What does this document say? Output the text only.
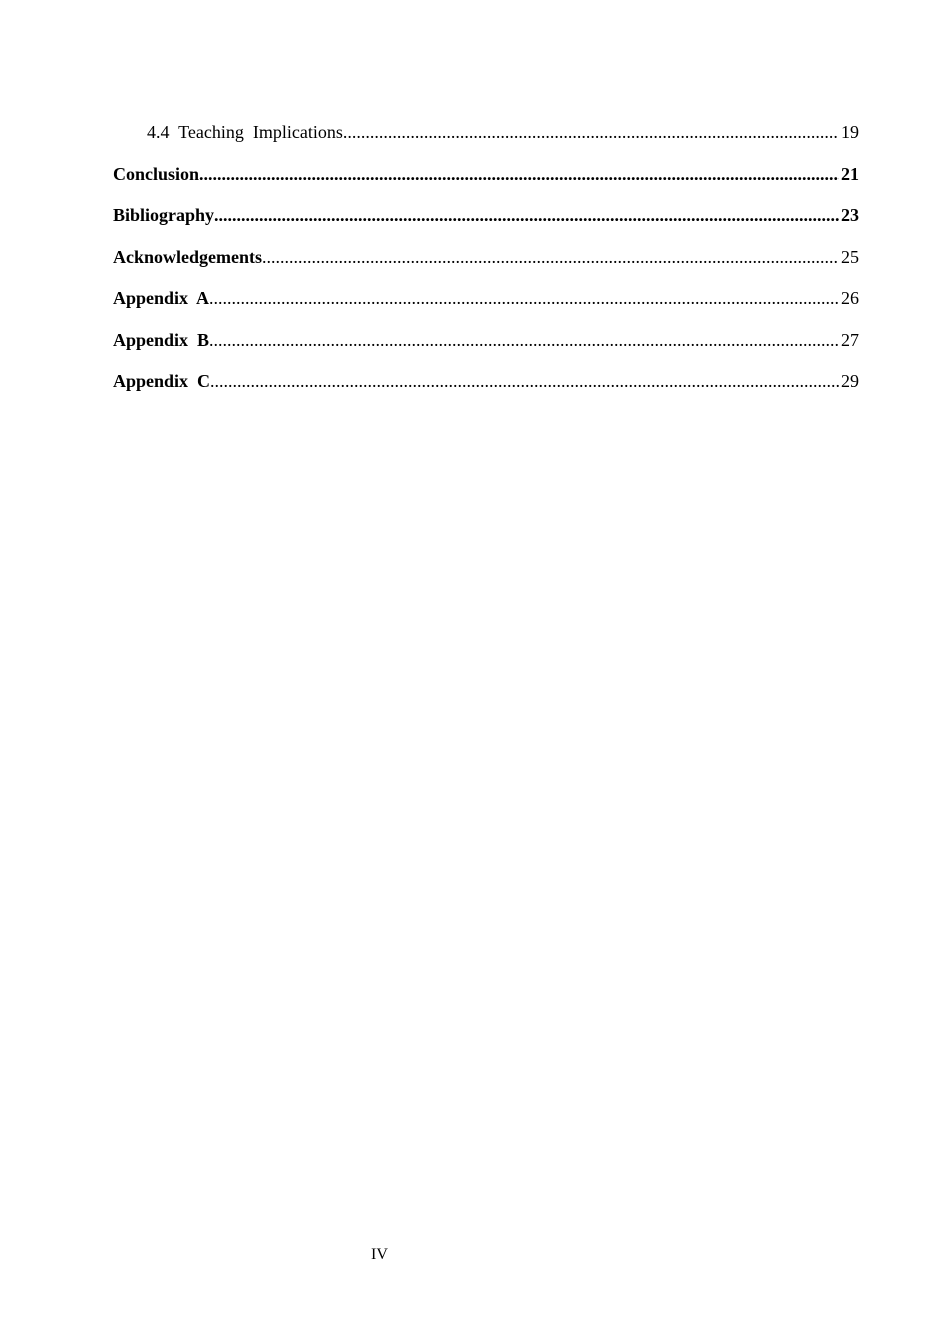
4.4  Teaching  Implications .....	19
Conclusion .....	21
Bibliography .....	23
Acknowledgements .....	25
Appendix  A .....	26
Appendix  B .....	27
Appendix  C .....	29
IV
